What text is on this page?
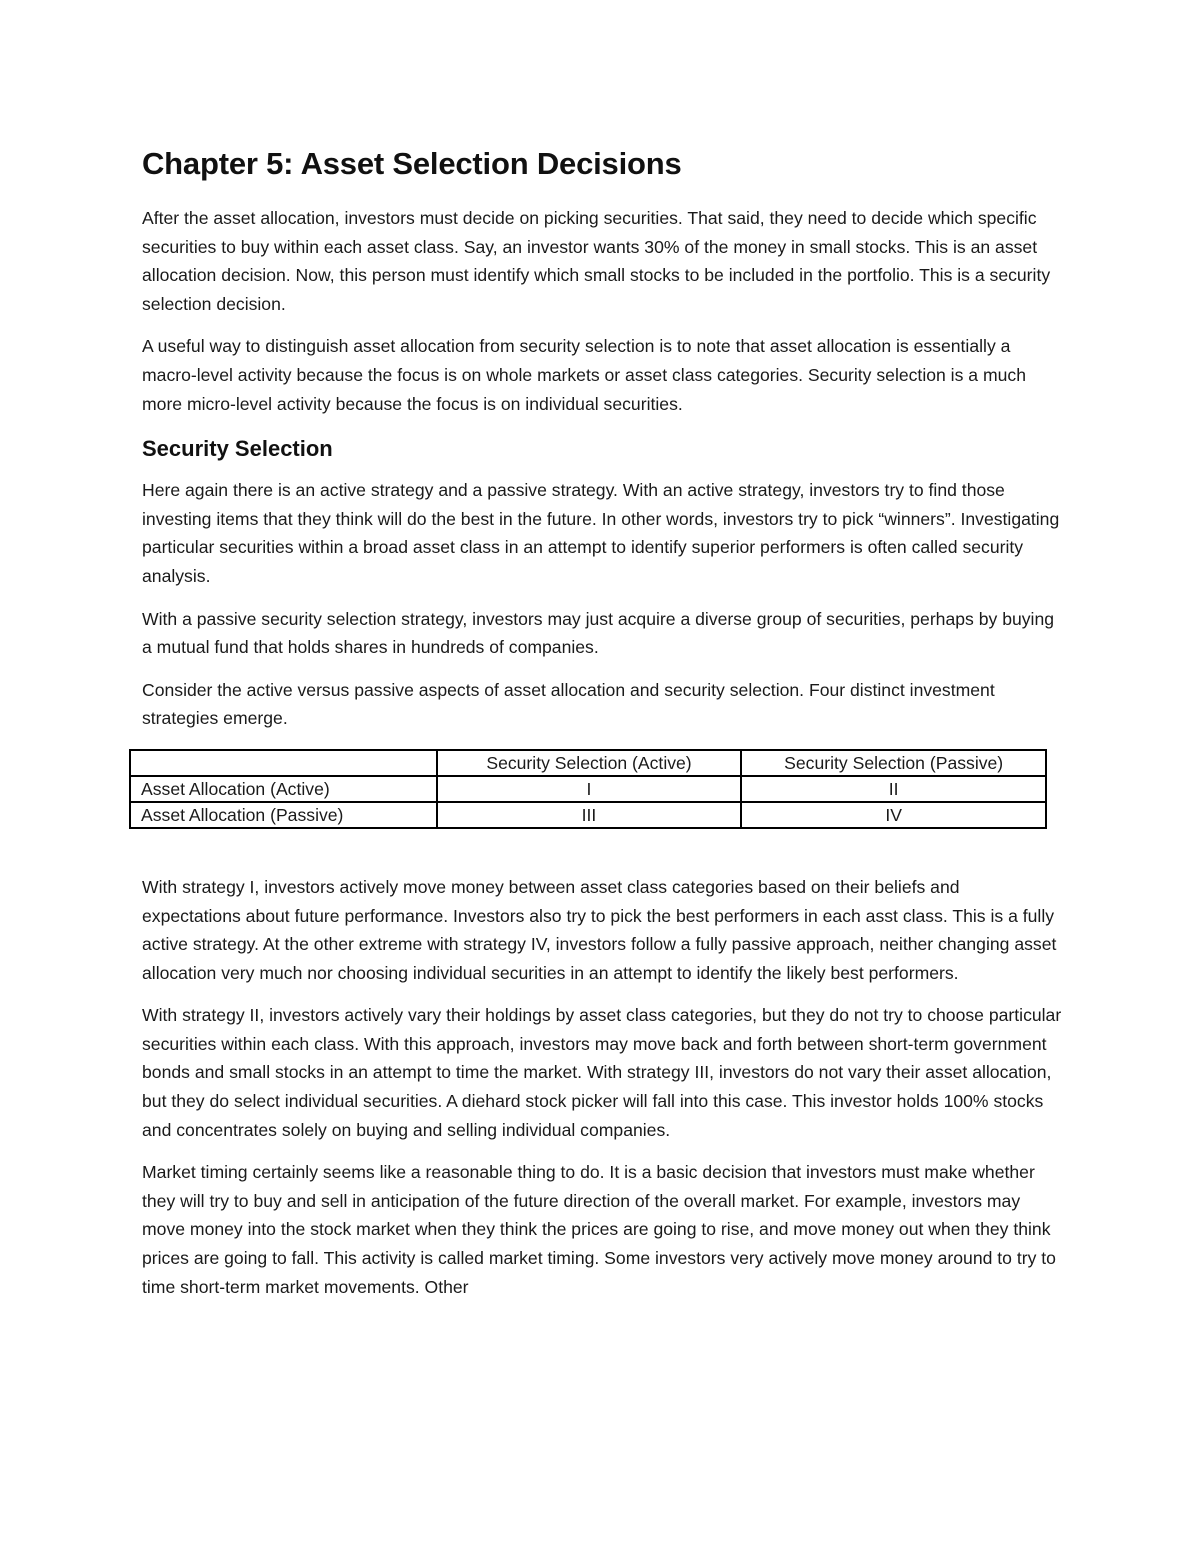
Chapter 5: Asset Selection Decisions

After the asset allocation, investors must decide on picking securities. That said, they need to decide which specific securities to buy within each asset class. Say, an investor wants 30% of the money in small stocks. This is an asset allocation decision. Now, this person must identify which small stocks to be included in the portfolio. This is a security selection decision.

A useful way to distinguish asset allocation from security selection is to note that asset allocation is essentially a macro-level activity because the focus is on whole markets or asset class categories. Security selection is a much more micro-level activity because the focus is on individual securities.

Security Selection

Here again there is an active strategy and a passive strategy. With an active strategy, investors try to find those investing items that they think will do the best in the future. In other words, investors try to pick “winners”. Investigating particular securities within a broad asset class in an attempt to identify superior performers is often called security analysis.

With a passive security selection strategy, investors may just acquire a diverse group of securities, perhaps by buying a mutual fund that holds shares in hundreds of companies.

Consider the active versus passive aspects of asset allocation and security selection. Four distinct investment strategies emerge.

	Security Selection (Active)	Security Selection (Passive)
Asset Allocation (Active)	I	II
Asset Allocation (Passive)	III	IV

With strategy I, investors actively move money between asset class categories based on their beliefs and expectations about future performance. Investors also try to pick the best performers in each asst class. This is a fully active strategy. At the other extreme with strategy IV, investors follow a fully passive approach, neither changing asset allocation very much nor choosing individual securities in an attempt to identify the likely best performers.

With strategy II, investors actively vary their holdings by asset class categories, but they do not try to choose particular securities within each class. With this approach, investors may move back and forth between short-term government bonds and small stocks in an attempt to time the market. With strategy III, investors do not vary their asset allocation, but they do select individual securities. A diehard stock picker will fall into this case. This investor holds 100% stocks and concentrates solely on buying and selling individual companies.

Market timing certainly seems like a reasonable thing to do. It is a basic decision that investors must make whether they will try to buy and sell in anticipation of the future direction of the overall market. For example, investors may move money into the stock market when they think the prices are going to rise, and move money out when they think prices are going to fall. This activity is called market timing. Some investors very actively move money around to try to time short-term market movements. Other
